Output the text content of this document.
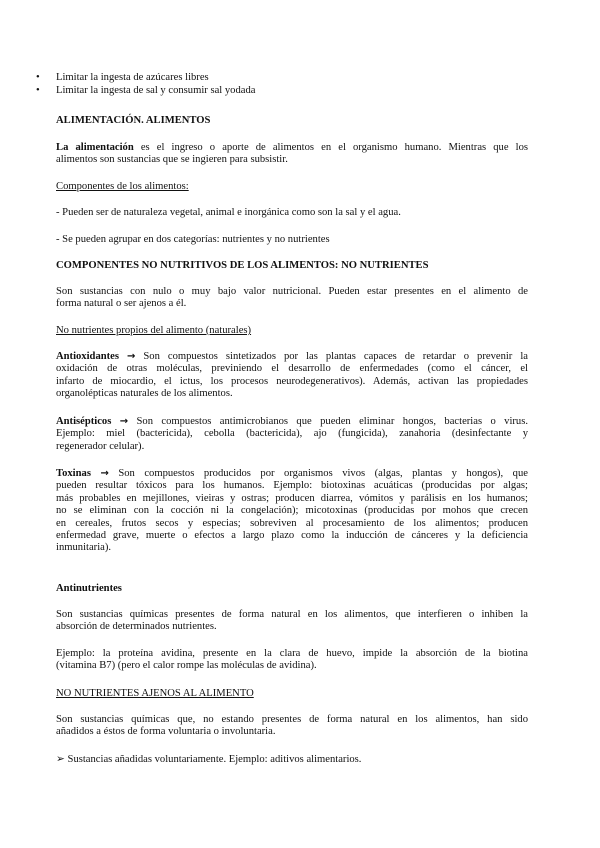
• Limitar la ingesta de azúcares libres
• Limitar la ingesta de sal y consumir sal yodada

ALIMENTACIÓN. ALIMENTOS

La alimentación es el ingreso o aporte de alimentos en el organismo humano. Mientras que los
alimentos son sustancias que se ingieren para subsistir.

Componentes de los alimentos:

- Pueden ser de naturaleza vegetal, animal e inorgánica como son la sal y el agua.

- Se pueden agrupar en dos categorías: nutrientes y no nutrientes

COMPONENTES NO NUTRITIVOS DE LOS ALIMENTOS: NO NUTRIENTES

Son sustancias con nulo o muy bajo valor nutricional. Pueden estar presentes en el alimento de
forma natural o ser ajenos a él.

No nutrientes propios del alimento (naturales)

Antioxidantes → Son compuestos sintetizados por las plantas capaces de retardar o prevenir la
oxidación de otras moléculas, previniendo el desarrollo de enfermedades (como el cáncer, el
infarto de miocardio, el ictus, los procesos neurodegenerativos). Además, activan las propiedades
organolépticas naturales de los alimentos.

Antisépticos → Son compuestos antimicrobianos que pueden eliminar hongos, bacterias o virus.
Ejemplo: miel (bactericida), cebolla (bactericida), ajo (fungicida), zanahoria (desinfectante y
regenerador celular).

Toxinas → Son compuestos producidos por organismos vivos (algas, plantas y hongos), que
pueden resultar tóxicos para los humanos. Ejemplo: biotoxinas acuáticas (producidas por algas;
más probables en mejillones, vieiras y ostras; producen diarrea, vómitos y parálisis en los humanos;
no se eliminan con la cocción ni la congelación); micotoxinas (producidas por mohos que crecen
en cereales, frutos secos y especias; sobreviven al procesamiento de los alimentos; producen
enfermedad grave, muerte o efectos a largo plazo como la inducción de cánceres y la deficiencia
inmunitaria).

Antinutrientes

Son sustancias químicas presentes de forma natural en los alimentos, que interfieren o inhiben la
absorción de determinados nutrientes.

Ejemplo: la proteína avidina, presente en la clara de huevo, impide la absorción de la biotina
(vitamina B7) (pero el calor rompe las moléculas de avidina).

NO NUTRIENTES AJENOS AL ALIMENTO

Son sustancias químicas que, no estando presentes de forma natural en los alimentos, han sido
añadidos a éstos de forma voluntaria o involuntaria.

➢ Sustancias añadidas voluntariamente. Ejemplo: aditivos alimentarios.
